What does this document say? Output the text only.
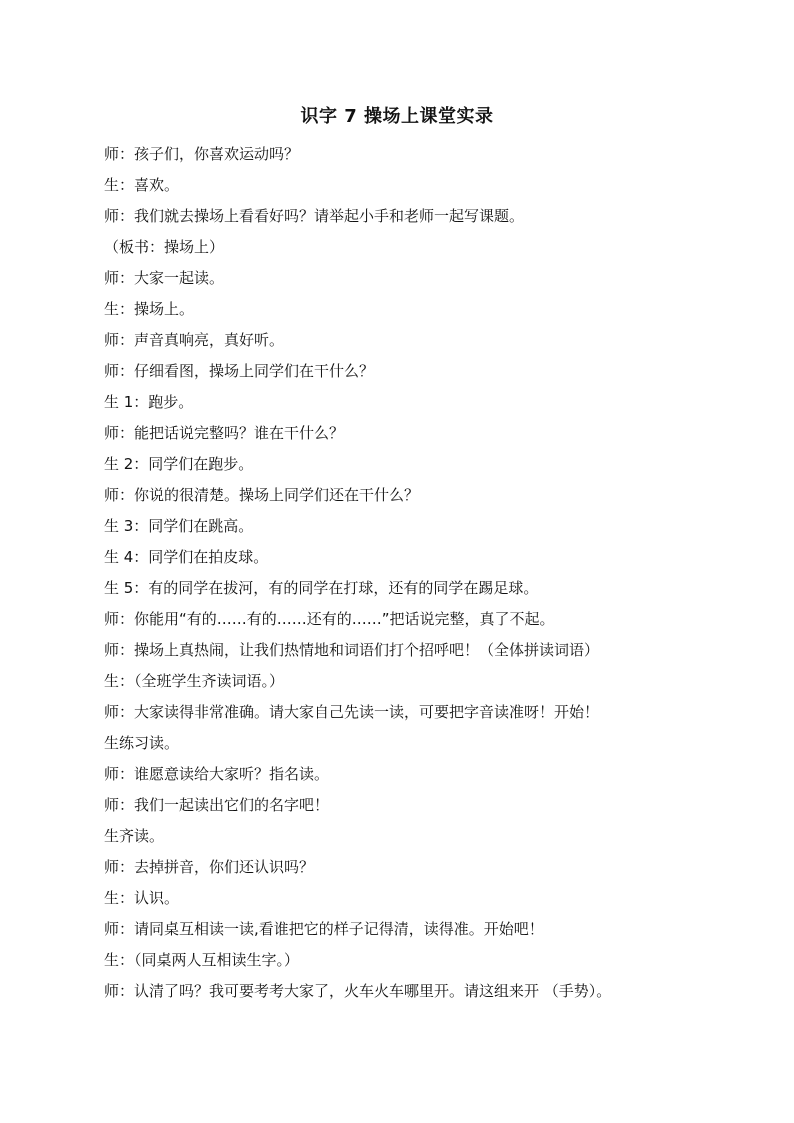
识字 7 操场上课堂实录
师：孩子们，你喜欢运动吗？
生：喜欢。
师：我们就去操场上看看好吗？请举起小手和老师一起写课题。
（板书：操场上）
师：大家一起读。
生：操场上。
师：声音真响亮，真好听。
师：仔细看图，操场上同学们在干什么？
生 1：跑步。
师：能把话说完整吗？谁在干什么？
生 2：同学们在跑步。
师：你说的很清楚。操场上同学们还在干什么？
生 3：同学们在跳高。
生 4：同学们在拍皮球。
生 5：有的同学在拔河，有的同学在打球，还有的同学在踢足球。
师：你能用“有的……有的……还有的……”把话说完整，真了不起。
师：操场上真热闹，让我们热情地和词语们打个招呼吧！（全体拼读词语）
生：（全班学生齐读词语。）
师：大家读得非常准确。请大家自己先读一读，可要把字音读准呀！开始！
生练习读。
师：谁愿意读给大家听？指名读。
师：我们一起读出它们的名字吧！
生齐读。
师：去掉拼音，你们还认识吗？
生：认识。
师：请同桌互相读一读,看谁把它的样子记得清，读得准。开始吧！
生：（同桌两人互相读生字。）
师：认清了吗？我可要考考大家了，火车火车哪里开。请这组来开 （手势）。
